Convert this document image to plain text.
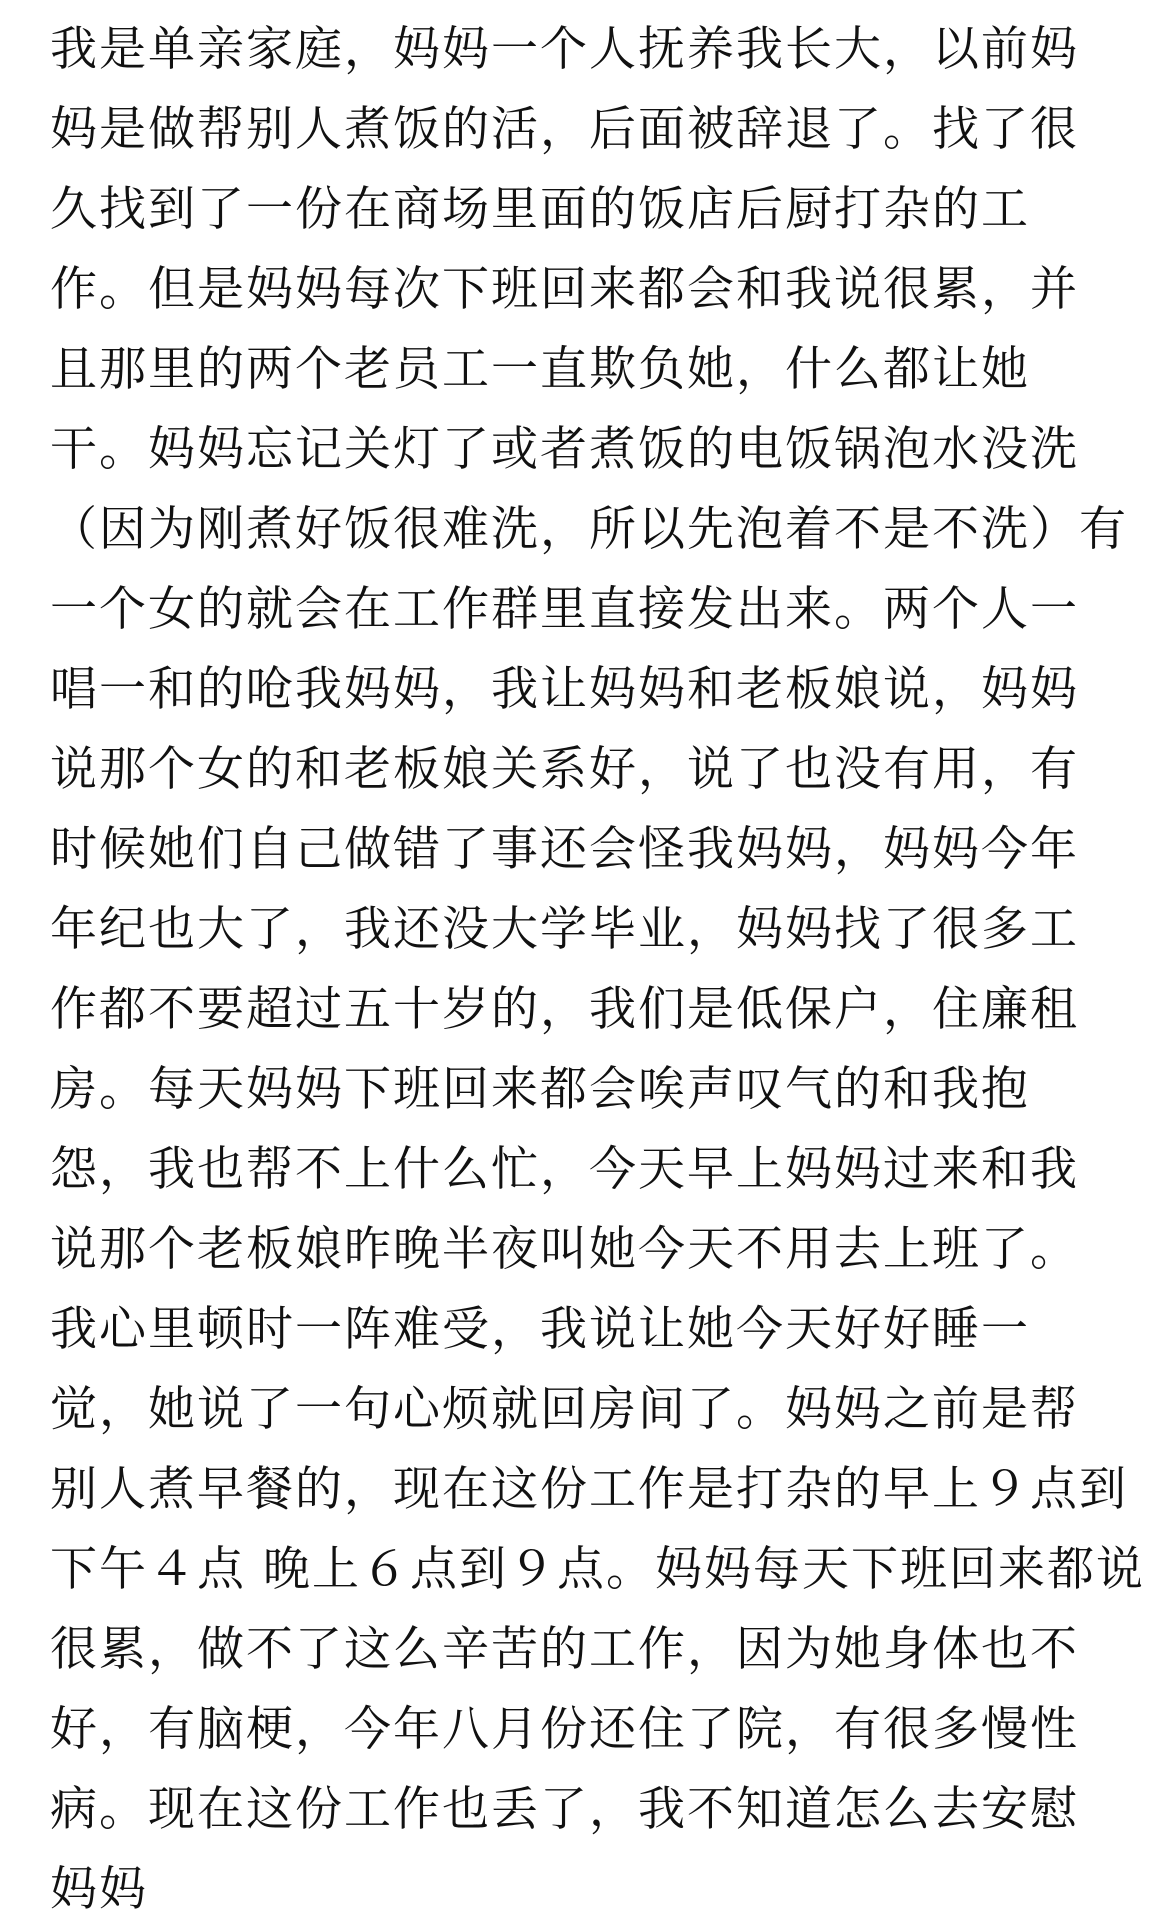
我是单亲家庭，妈妈一个人抚养我长大，以前妈
妈是做帮别人煮饭的活，后面被辞退了。找了很
久找到了一份在商场里面的饭店后厨打杂的工
作。但是妈妈每次下班回来都会和我说很累，并
且那里的两个老员工一直欺负她，什么都让她
干。妈妈忘记关灯了或者煮饭的电饭锅泡水没洗
（因为刚煮好饭很难洗，所以先泡着不是不洗）有
一个女的就会在工作群里直接发出来。两个人一
唱一和的呛我妈妈，我让妈妈和老板娘说，妈妈
说那个女的和老板娘关系好，说了也没有用，有
时候她们自己做错了事还会怪我妈妈，妈妈今年
年纪也大了，我还没大学毕业，妈妈找了很多工
作都不要超过五十岁的，我们是低保户，住廉租
房。每天妈妈下班回来都会唉声叹气的和我抱
怨，我也帮不上什么忙，今天早上妈妈过来和我
说那个老板娘昨晚半夜叫她今天不用去上班了。
我心里顿时一阵难受，我说让她今天好好睡一
觉，她说了一句心烦就回房间了。妈妈之前是帮
别人煮早餐的，现在这份工作是打杂的早上９点到
下午４点 晚上６点到９点。妈妈每天下班回来都说
很累，做不了这么辛苦的工作，因为她身体也不
好，有脑梗，今年八月份还住了院，有很多慢性
病。现在这份工作也丢了，我不知道怎么去安慰
妈妈
